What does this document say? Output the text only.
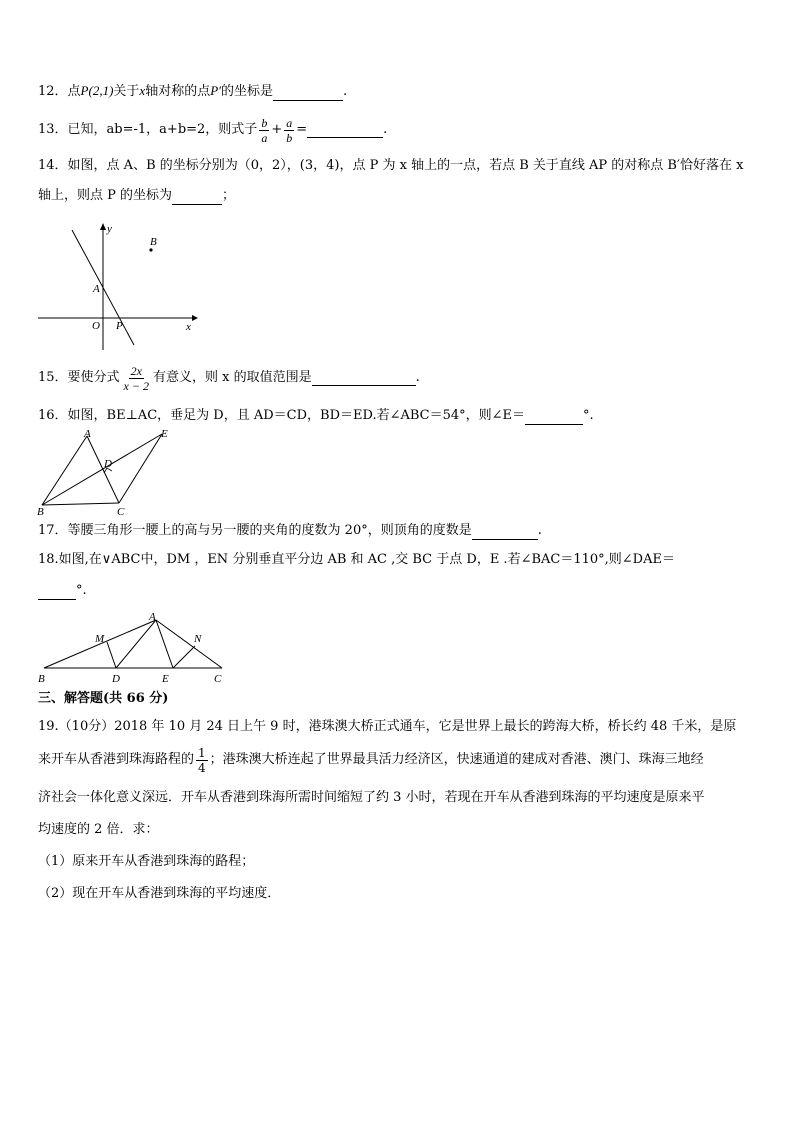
12．点P(2,1)关于x轴对称的点P′的坐标是	.
13．已知，ab=-1，a+b=2，则式子 $\frac{b}{a} + \frac{a}{b}$ =	.
14．如图，点 A、B 的坐标分别为（0，2），(3，4)，点 P 为 x 轴上的一点，若点 B 关于直线 AP 的对称点 B′恰好落在 x
轴上，则点 P 的坐标为	；
y
x
B
A
O P
15．要使分式 $\frac{2x}{x - 2}$ 有意义，则 x 的取值范围是	.
16．如图，BE⊥AC，垂足为 D，且 AD＝CD，BD＝ED.若∠ABC＝54°，则∠E＝	°.
A	E
D
B	C
17．等腰三角形一腰上的高与另一腰的夹角的度数为 20°，则顶角的度数是	.
18.如图,在∨ABC中，DM ，EN 分别垂直平分边 AB 和 AC ,交 BC 于点 D，E .若∠BAC＝110°,则∠DAE＝
°.
A
M	N
B	D	E	C
三、解答题(共 66 分)
19.（10分）2018 年 10 月 24 日上午 9 时，港珠澳大桥正式通车，它是世界上最长的跨海大桥，桥长约 48 千米，是原
来开车从香港到珠海路程的 $\frac{1}{4}$ ；港珠澳大桥连起了世界最具活力经济区，快速通道的建成对香港、澳门、珠海三地经
济社会一体化意义深远．开车从香港到珠海所需时间缩短了约 3 小时，若现在开车从香港到珠海的平均速度是原来平
均速度的 2 倍．求：
（1）原来开车从香港到珠海的路程；
（2）现在开车从香港到珠海的平均速度．
